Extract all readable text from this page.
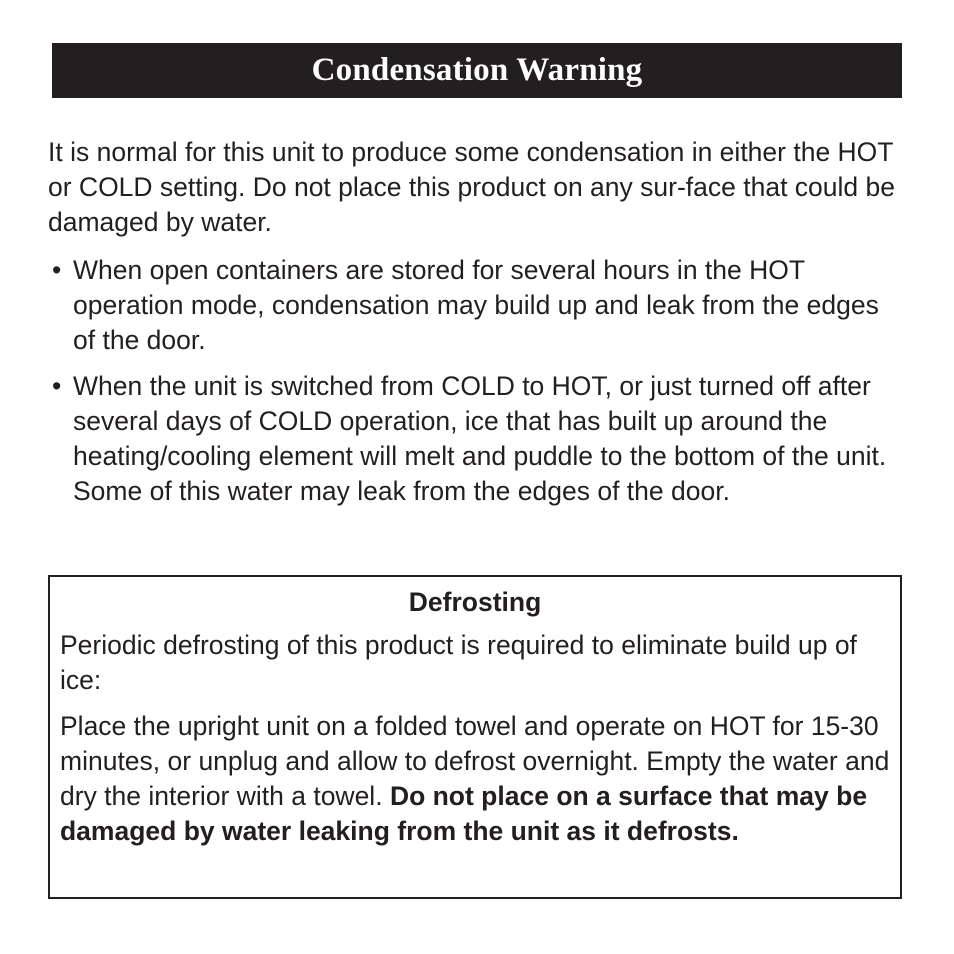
Condensation Warning

It is normal for this unit to produce some condensation in either the HOT or COLD setting. Do not place this product on any sur-face that could be damaged by water.

• When open containers are stored for several hours in the HOT operation mode, condensation may build up and leak from the edges of the door.
• When the unit is switched from COLD to HOT, or just turned off after several days of COLD operation, ice that has built up around the heating/cooling element will melt and puddle to the bottom of the unit. Some of this water may leak from the edges of the door.
Defrosting

Periodic defrosting of this product is required to eliminate build up of ice:

Place the upright unit on a folded towel and operate on HOT for 15-30 minutes, or unplug and allow to defrost overnight. Empty the water and dry the interior with a towel. Do not place on a surface that may be damaged by water leaking from the unit as it defrosts.
